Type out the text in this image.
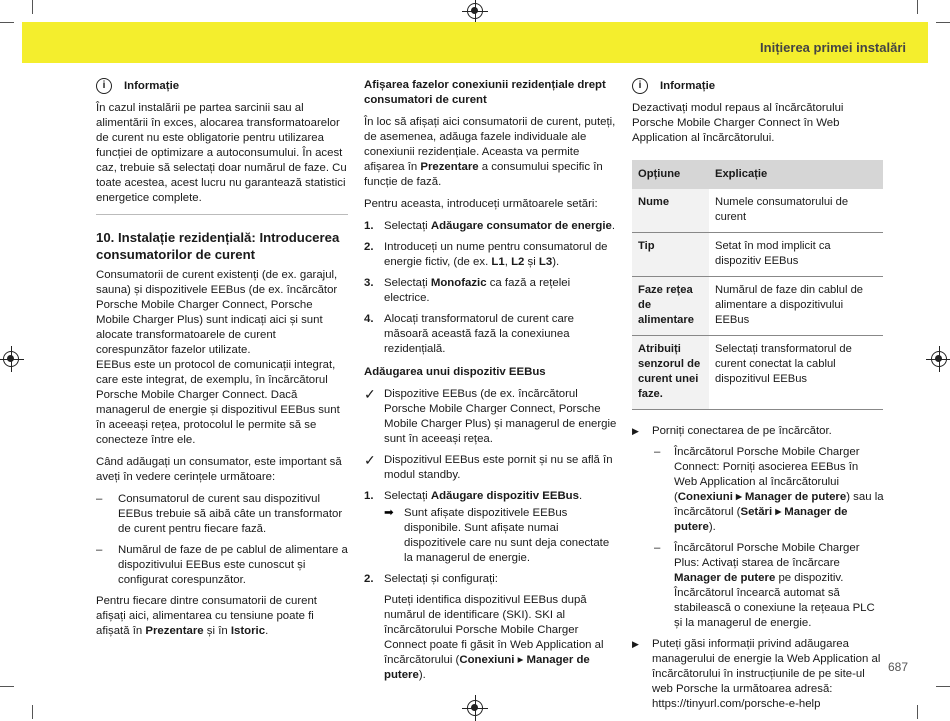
Inițierea primei instalări
i	Informație

În cazul instalării pe partea sarcinii sau al alimentării în exces, alocarea transformatoarelor de curent nu este obligatorie pentru utilizarea funcției de optimizare a autoconsumului. În acest caz, trebuie să selectați doar numărul de faze. Cu toate acestea, acest lucru nu garantează statistici energetice complete.

10. Instalație rezidențială: Introducerea consumatorilor de curent

Consumatorii de curent existenți (de ex. garajul, sauna) și dispozitivele EEBus (de ex. încărcător Porsche Mobile Charger Connect, Porsche Mobile Charger Plus) sunt indicați aici și sunt alocate transformatoarele de curent corespunzător fazelor utilizate.

EEBus este un protocol de comunicații integrat, care este integrat, de exemplu, în încărcătorul Porsche Mobile Charger Connect. Dacă managerul de energie și dispozitivul EEBus sunt în aceeași rețea, protocolul le permite să se conecteze între ele.

Când adăugați un consumator, este important să aveți în vedere cerințele următoare:

–	Consumatorul de curent sau dispozitivul EEBus trebuie să aibă câte un transformator de curent pentru fiecare fază.
–	Numărul de faze de pe cablul de alimentare a dispozitivului EEBus este cunoscut și configurat corespunzător.

Pentru fiecare dintre consumatorii de curent afișați aici, alimentarea cu tensiune poate fi afișată în Prezentare și în Istoric.

Afișarea fazelor conexiunii rezidențiale drept consumatori de curent

În loc să afișați aici consumatorii de curent, puteți, de asemenea, adăuga fazele individuale ale conexiunii rezidențiale. Aceasta va permite afișarea în Prezentare a consumului specific în funcție de fază.

Pentru aceasta, introduceți următoarele setări:

1. Selectați Adăugare consumator de energie.
2. Introduceți un nume pentru consumatorul de energie fictiv, (de ex. L1, L2 și L3).
3. Selectați Monofazic ca fază a rețelei electrice.
4. Alocați transformatorul de curent care măsoară această fază la conexiunea rezidențială.
Adăugarea unui dispozitiv EEBus
✓ Dispozitive EEBus (de ex. încărcătorul Porsche Mobile Charger Connect, Porsche Mobile Charger Plus) și managerul de energie sunt în aceeași rețea.
✓ Dispozitivul EEBus este pornit și nu se află în modul standby.
1. Selectați Adăugare dispozitiv EEBus.
➡ Sunt afișate dispozitivele EEBus disponibile. Sunt afișate numai dispozitivele care nu sunt deja conectate la managerul de energie.
2. Selectați și configurați:

Puteți identifica dispozitivul EEBus după numărul de identificare (SKI). SKI al încărcătorului Porsche Mobile Charger Connect poate fi găsit în Web Application al încărcătorului (Conexiuni ▸ Manager de putere).

i	Informație

Dezactivați modul repaus al încărcătorului Porsche Mobile Charger Connect în Web Application al încărcătorului.

Opțiune	Explicație
Nume	Numele consumatorului de curent
Tip	Setat în mod implicit ca dispozitiv EEBus
Faze rețea de alimentare	Numărul de faze din cablul de alimentare a dispozitivului EEBus
Atribuiți senzorul de curent unei faze.	Selectați transformatorul de curent conectat la cablul dispozitivul EEBus
▶	Porniți conectarea de pe încărcător.
–	Încărcătorul Porsche Mobile Charger Connect: Porniți asocierea EEBus în Web Application al încărcătorului (Conexiuni ▸ Manager de putere) sau la încărcătorul (Setări ▸ Manager de putere).
–	Încărcătorul Porsche Mobile Charger Plus: Activați starea de încărcare Manager de putere pe dispozitiv. Încărcătorul încearcă automat să stabilească o conexiune la rețeaua PLC și la managerul de energie.
▶	Puteți găsi informații privind adăugarea managerului de energie la Web Application al încărcătorului în instrucțiunile de pe site-ul web Porsche la următoarea adresă:
https://tinyurl.com/porsche-e-help
687
